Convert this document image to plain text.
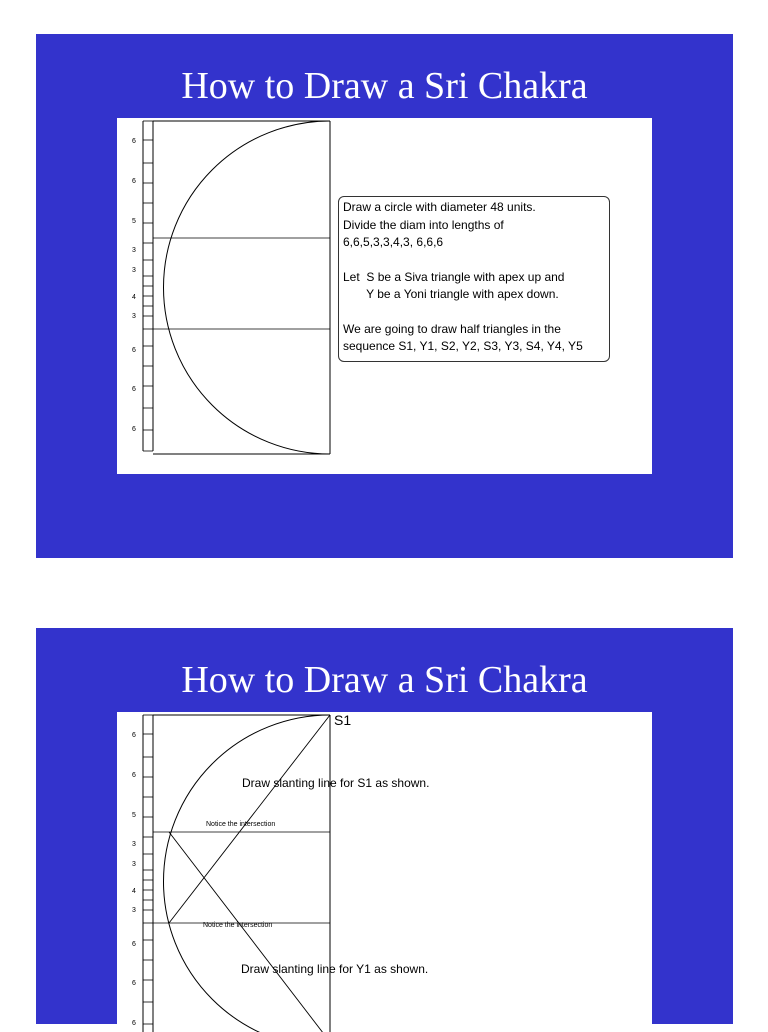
How to Draw a Sri Chakra
6
6
5
3
3
4
3
6
6
6

Draw a circle with diameter 48 units.

Divide the diam into lengths of

6,6,5,3,3,4,3, 6,6,6

Let  S be a Siva triangle with apex up and

Y be a Yoni triangle with apex down.

We are going to draw half triangles in the

sequence S1, Y1, S2, Y2, S3, Y3, S4, Y4, Y5

How to Draw a Sri Chakra
6
6
5
3
3
4
3
6
6
6
S1
Draw slanting line for S1 as shown.
Notice the intersection
Notice the intersection
Draw slanting line for Y1 as shown.
